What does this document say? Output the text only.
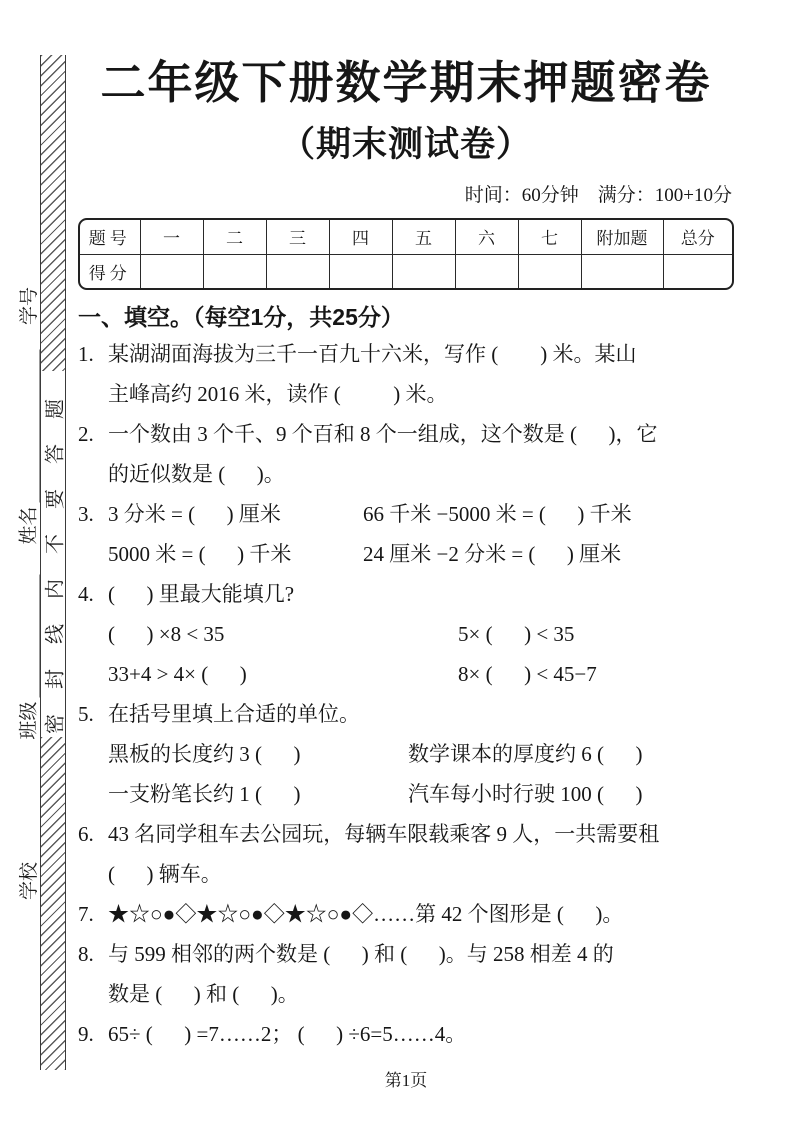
学号
姓名
班级
学校
密封线内不要答题
二年级下册数学期末押题密卷
（期末测试卷）
时间：60分钟    满分：100+10分
题号	一	二	三	四	五	六	七	附加题	总分
得分									
一、填空。（每空1分，共25分）
1. 某湖湖面海拔为三千一百九十六米，写作 (        ) 米。某山
主峰高约 2016 米，读作 (          ) 米。
2. 一个数由 3 个千、9 个百和 8 个一组成，这个数是 (      )，它
的近似数是 (      )。
3. 3 分米 = (      ) 厘米	66 千米 −5000 米 = (      ) 千米
5000 米 = (      ) 千米	24 厘米 −2 分米 = (      ) 厘米
4. (      ) 里最大能填几?
(      ) ×8 < 35	5× (      ) < 35
33+4 > 4× (      )	8× (      ) < 45−7
5. 在括号里填上合适的单位。
黑板的长度约 3 (      )	数学课本的厚度约 6 (      )
一支粉笔长约 1 (      )	汽车每小时行驶 100 (      )
6. 43 名同学租车去公园玩，每辆车限载乘客 9 人，一共需要租
(      ) 辆车。
7. ★☆○●◇★☆○●◇★☆○●◇……第 42 个图形是 (      )。
8. 与 599 相邻的两个数是 (      ) 和 (      )。与 258 相差 4 的
数是 (      ) 和 (      )。
9. 65÷ (      ) =7……2； (      ) ÷6=5……4。
第1页
